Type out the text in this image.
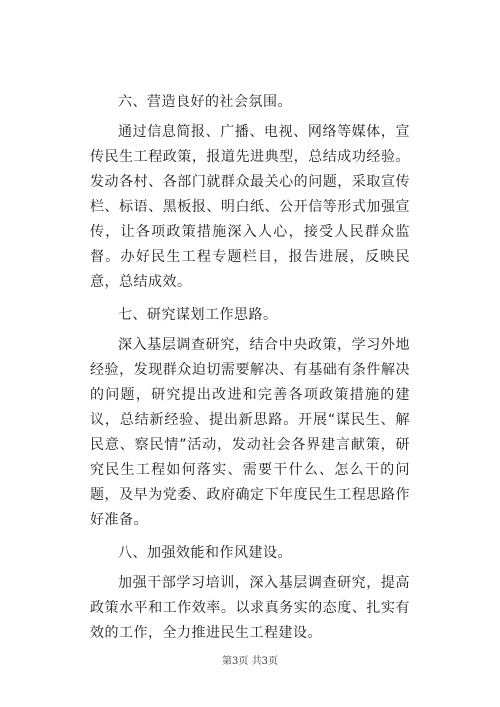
六、营造良好的社会氛围。

通过信息简报、广播、电视、网络等媒体，宣传民生工程政策，报道先进典型，总结成功经验。发动各村、各部门就群众最关心的问题，采取宣传栏、标语、黑板报、明白纸、公开信等形式加强宣传，让各项政策措施深入人心，接受人民群众监督。办好民生工程专题栏目，报告进展，反映民意，总结成效。

七、研究谋划工作思路。

深入基层调查研究，结合中央政策，学习外地经验，发现群众迫切需要解决、有基础有条件解决的问题，研究提出改进和完善各项政策措施的建议，总结新经验、提出新思路。开展“谋民生、解民意、察民情”活动，发动社会各界建言献策，研究民生工程如何落实、需要干什么、怎么干的问题，及早为党委、政府确定下年度民生工程思路作好准备。

八、加强效能和作风建设。

加强干部学习培训，深入基层调查研究，提高政策水平和工作效率。以求真务实的态度、扎实有效的工作，全力推进民生工程建设。

第3页 共3页
